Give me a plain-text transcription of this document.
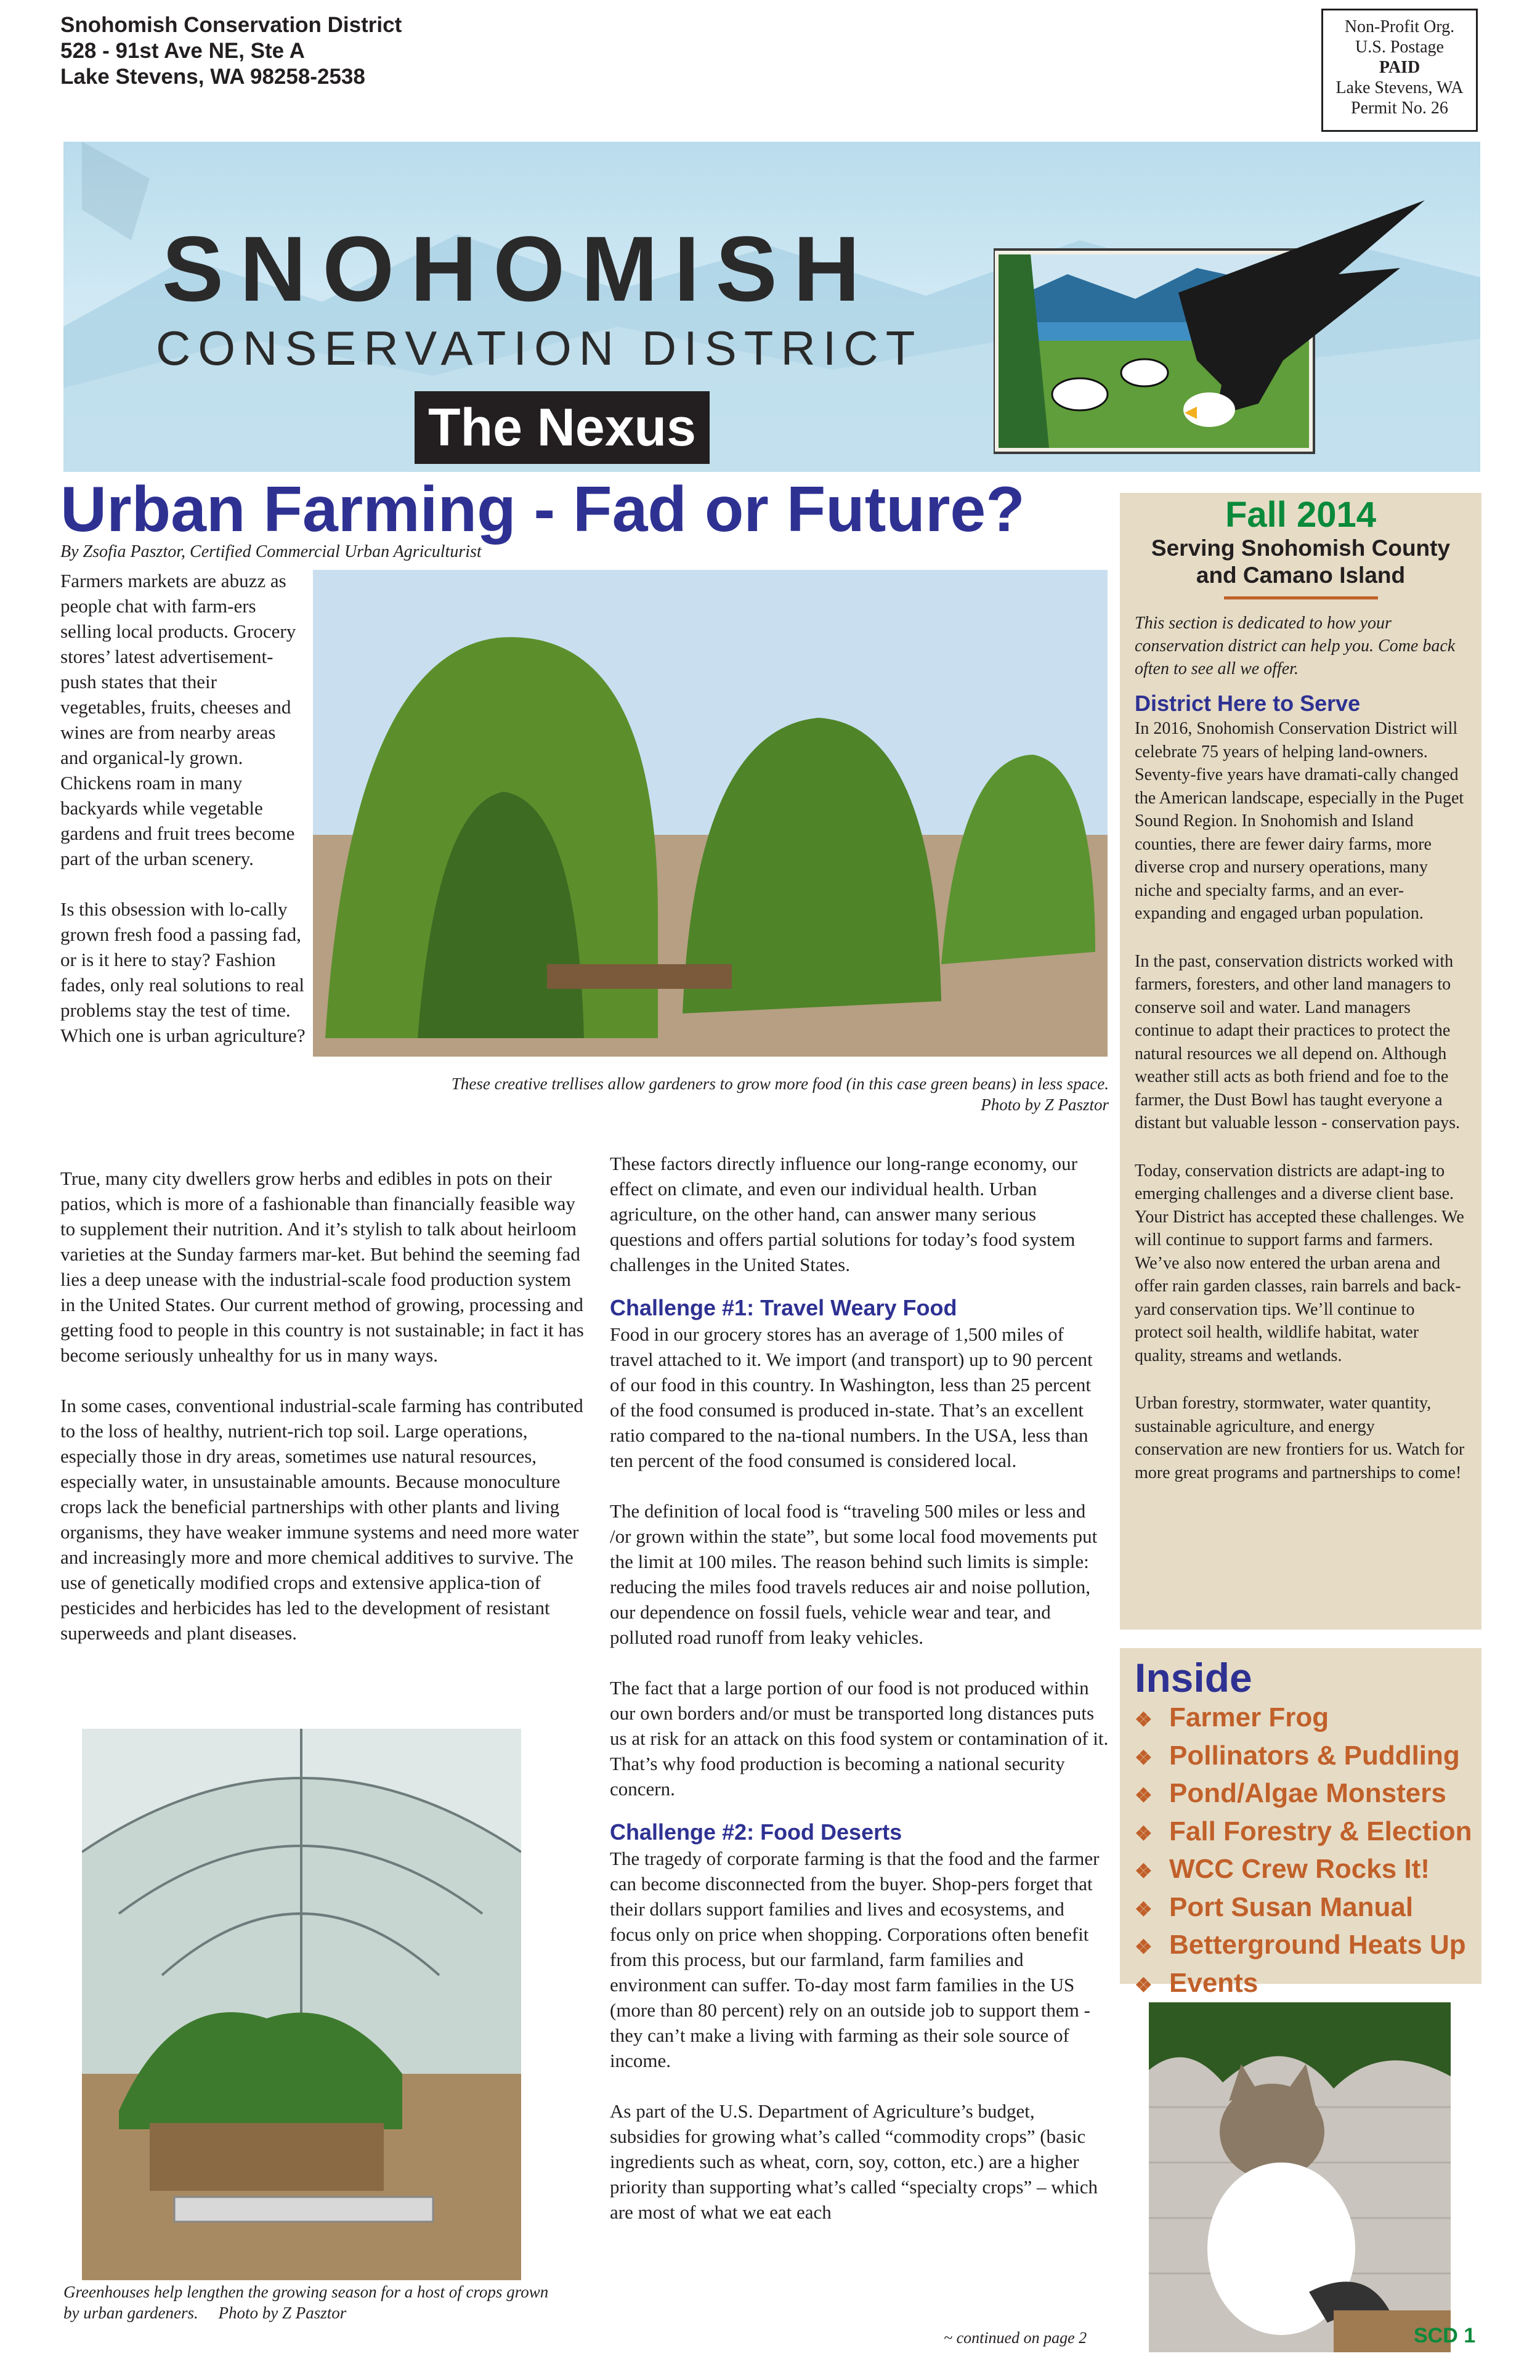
Snohomish Conservation District
528 - 91st Ave NE, Ste A
Lake Stevens, WA 98258-2538
Non-Profit Org.
U.S. Postage
PAID
Lake Stevens, WA
Permit No. 26
SNOHOMISH
CONSERVATION DISTRICT
The Nexus
Urban Farming - Fad or Future?
By Zsofia Pasztor, Certified Commercial Urban Agriculturist

Farmers markets are abuzz as people chat with farm-ers selling local products. Grocery stores’ latest advertisement-push states that their vegetables, fruits, cheeses and wines are from nearby areas and organical-ly grown. Chickens roam in many backyards while vegetable gardens and fruit trees become part of the urban scenery.

Is this obsession with lo-cally grown fresh food a passing fad, or is it here to stay? Fashion fades, only real solutions to real problems stay the test of time. Which one is urban agriculture?

These creative trellises allow gardeners to grow more food (in this case green beans) in less space.
Photo by Z Pasztor

True, many city dwellers grow herbs and edibles in pots on their patios, which is more of a fashionable than financially feasible way to supplement their nutrition. And it’s stylish to talk about heirloom varieties at the Sunday farmers mar-ket. But behind the seeming fad lies a deep unease with the industrial-scale food production system in the United States. Our current method of growing, processing and getting food to people in this country is not sustainable; in fact it has become seriously unhealthy for us in many ways.

In some cases, conventional industrial-scale farming has contributed to the loss of healthy, nutrient-rich top soil. Large operations, especially those in dry areas, sometimes use natural resources, especially water, in unsustainable amounts. Because monoculture crops lack the beneficial partnerships with other plants and living organisms, they have weaker immune systems and need more water and increasingly more and more chemical additives to survive. The use of genetically modified crops and extensive applica-tion of pesticides and herbicides has led to the development of resistant superweeds and plant diseases.

These factors directly influence our long-range economy, our effect on climate, and even our individual health. Urban agriculture, on the other hand, can answer many serious questions and offers partial solutions for today’s food system challenges in the United States.

Challenge #1: Travel Weary Food

Food in our grocery stores has an average of 1,500 miles of travel attached to it. We import (and transport) up to 90 percent of our food in this country. In Washington, less than 25 percent of the food consumed is produced in-state. That’s an excellent ratio compared to the na-tional numbers. In the USA, less than ten percent of the food consumed is considered local.

The definition of local food is “traveling 500 miles or less and /or grown within the state”, but some local food movements put the limit at 100 miles. The reason behind such limits is simple: reducing the miles food travels reduces air and noise pollution, our dependence on fossil fuels, vehicle wear and tear, and polluted road runoff from leaky vehicles.

The fact that a large portion of our food is not produced within our own borders and/or must be transported long distances puts us at risk for an attack on this food system or contamination of it. That’s why food production is becoming a national security concern.

Challenge #2: Food Deserts

The tragedy of corporate farming is that the food and the farmer can become disconnected from the buyer. Shop-pers forget that their dollars support families and lives and ecosystems, and focus only on price when shopping. Corporations often benefit from this process, but our farmland, farm families and environment can suffer. To-day most farm families in the US (more than 80 percent) rely on an outside job to support them - they can’t make a living with farming as their sole source of income.

As part of the U.S. Department of Agriculture’s budget, subsidies for growing what’s called “commodity crops” (basic ingredients such as wheat, corn, soy, cotton, etc.) are a higher priority than supporting what’s called “specialty crops” – which are most of what we eat each

Greenhouses help lengthen the growing season for a host of crops grown by urban gardeners. Photo by Z Pasztor
~ continued on page 2
Fall 2014
Serving Snohomish County and Camano Island

This section is dedicated to how your conservation district can help you. Come back often to see all we offer.

District Here to Serve

In 2016, Snohomish Conservation District will celebrate 75 years of helping land-owners. Seventy-five years have dramati-cally changed the American landscape, especially in the Puget Sound Region. In Snohomish and Island counties, there are fewer dairy farms, more diverse crop and nursery operations, many niche and specialty farms, and an ever-expanding and engaged urban population.

In the past, conservation districts worked with farmers, foresters, and other land managers to conserve soil and water. Land managers continue to adapt their practices to protect the natural resources we all depend on. Although weather still acts as both friend and foe to the farmer, the Dust Bowl has taught everyone a distant but valuable lesson - conservation pays.

Today, conservation districts are adapt-ing to emerging challenges and a diverse client base. Your District has accepted these challenges. We will continue to support farms and farmers. We’ve also now entered the urban arena and offer rain garden classes, rain barrels and back-yard conservation tips. We’ll continue to protect soil health, wildlife habitat, water quality, streams and wetlands.

Urban forestry, stormwater, water quantity, sustainable agriculture, and energy conservation are new frontiers for us. Watch for more great programs and partnerships to come!

Inside
❖ Farmer Frog
❖ Pollinators & Puddling
❖ Pond/Algae Monsters
❖ Fall Forestry & Election
❖ WCC Crew Rocks It!
❖ Port Susan Manual
❖ Betterground Heats Up
❖ Events
SCD 1
